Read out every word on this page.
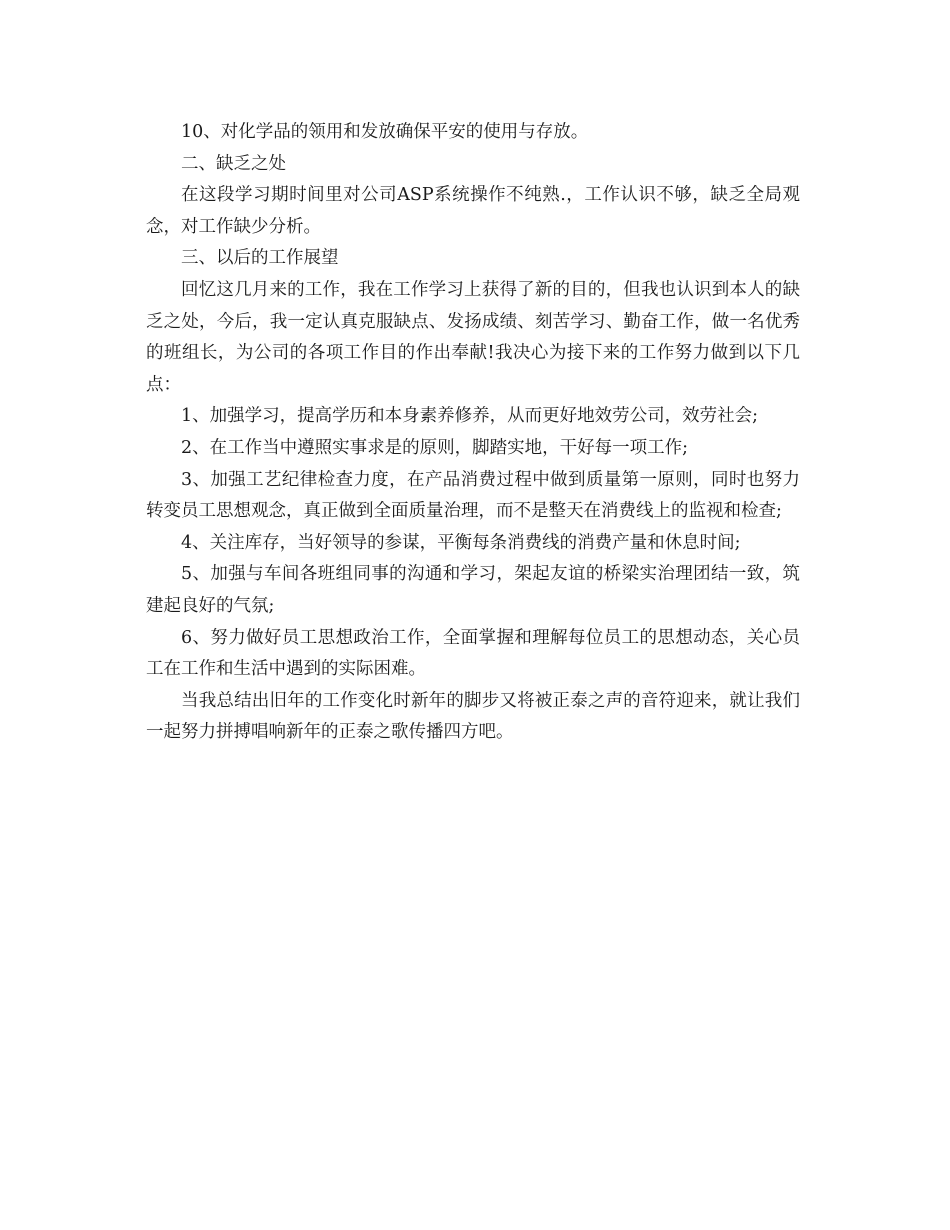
10、对化学品的领用和发放确保平安的使用与存放。

二、缺乏之处

在这段学习期时间里对公司ASP系统操作不纯熟.，工作认识不够，缺乏全局观念，对工作缺少分析。

三、以后的工作展望

回忆这几月来的工作，我在工作学习上获得了新的目的，但我也认识到本人的缺乏之处，今后，我一定认真克服缺点、发扬成绩、刻苦学习、勤奋工作，做一名优秀的班组长，为公司的各项工作目的作出奉献!我决心为接下来的工作努力做到以下几点：

1、加强学习，提高学历和本身素养修养，从而更好地效劳公司，效劳社会;

2、在工作当中遵照实事求是的原则，脚踏实地，干好每一项工作;

3、加强工艺纪律检查力度，在产品消费过程中做到质量第一原则，同时也努力转变员工思想观念，真正做到全面质量治理，而不是整天在消费线上的监视和检查;

4、关注库存，当好领导的参谋，平衡每条消费线的消费产量和休息时间;

5、加强与车间各班组同事的沟通和学习，架起友谊的桥梁实治理团结一致，筑建起良好的气氛;

6、努力做好员工思想政治工作，全面掌握和理解每位员工的思想动态，关心员工在工作和生活中遇到的实际困难。

当我总结出旧年的工作变化时新年的脚步又将被正泰之声的音符迎来，就让我们一起努力拼搏唱响新年的正泰之歌传播四方吧。
